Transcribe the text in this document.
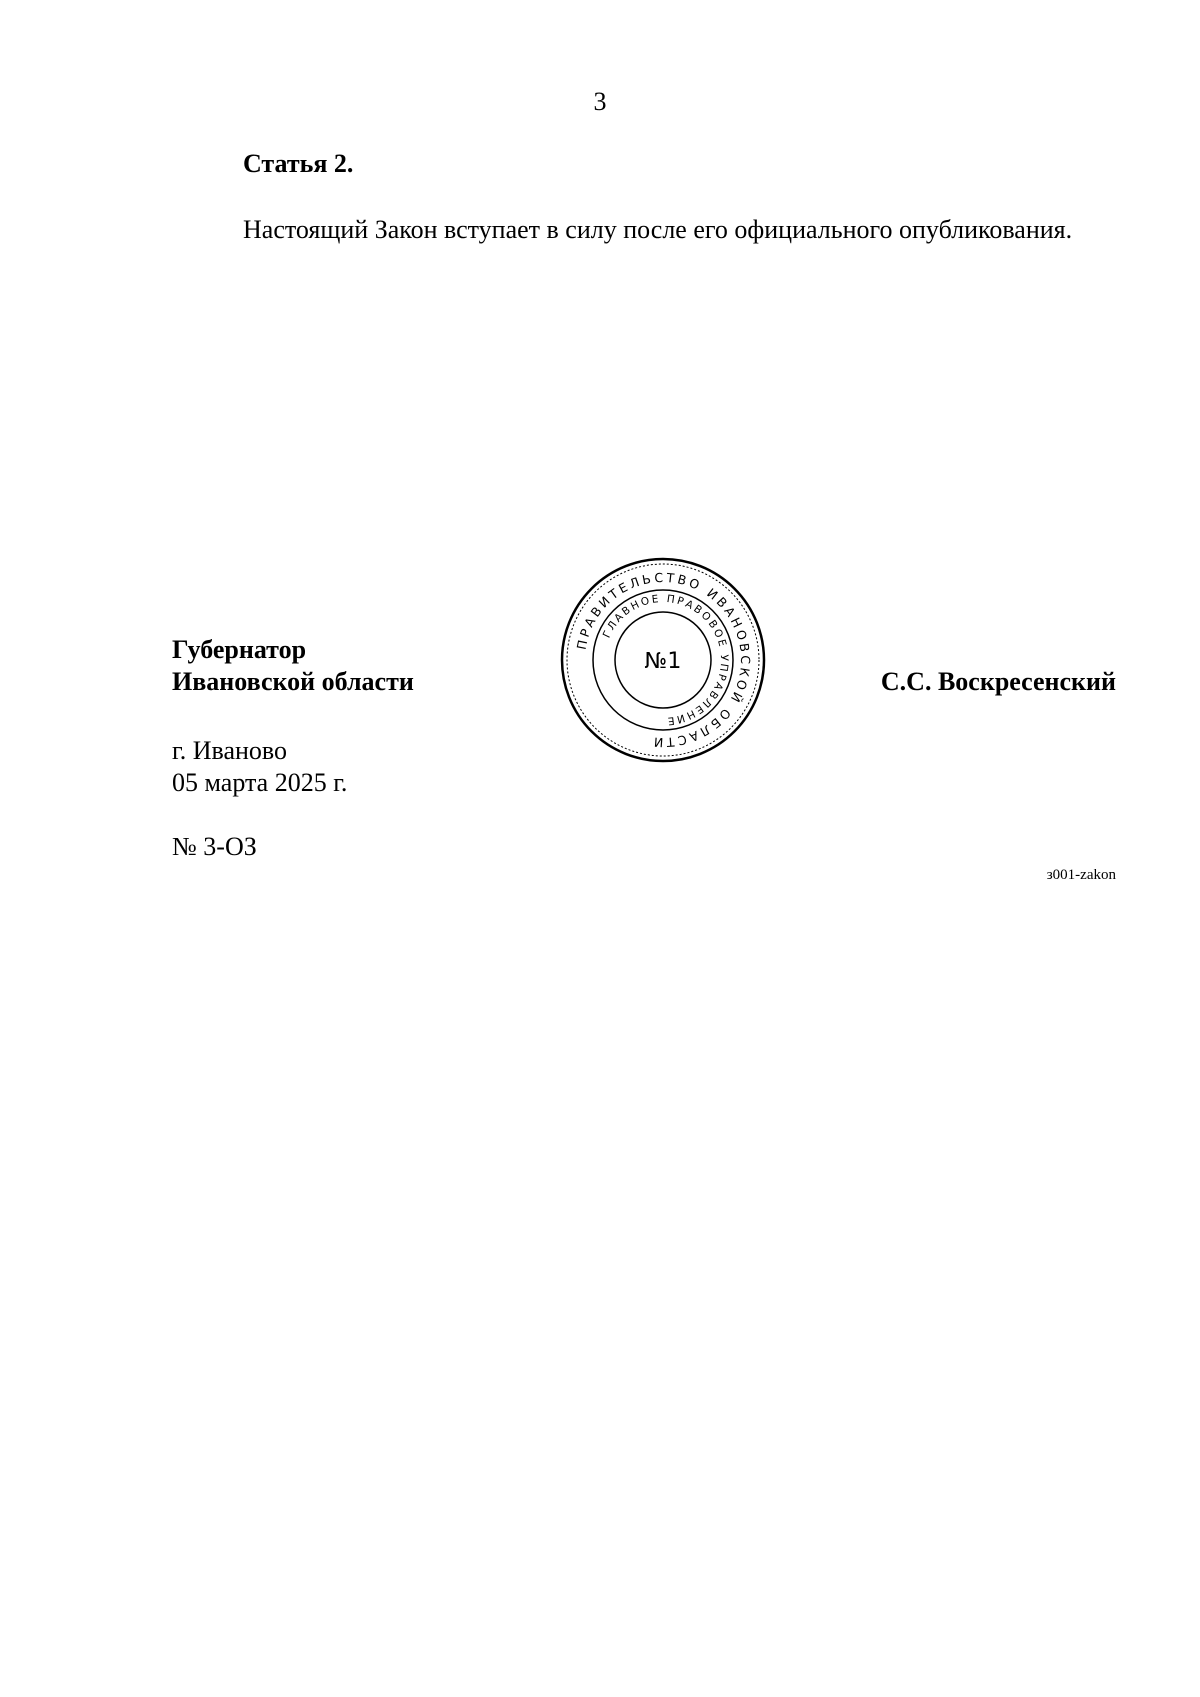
3
Статья 2.

Настоящий Закон вступает в силу после его официального опубликования.

Губернатор
Ивановской области	С.С. Воскресенский
г. Иваново
05 марта 2025 г.
№ 3-ОЗ
з001-zakon
ПРАВИТЕЛЬСТВО ИВАНОВСКОЙ ОБЛАСТИ
ГЛАВНОЕ ПРАВОВОЕ УПРАВЛЕНИЕ
№1
